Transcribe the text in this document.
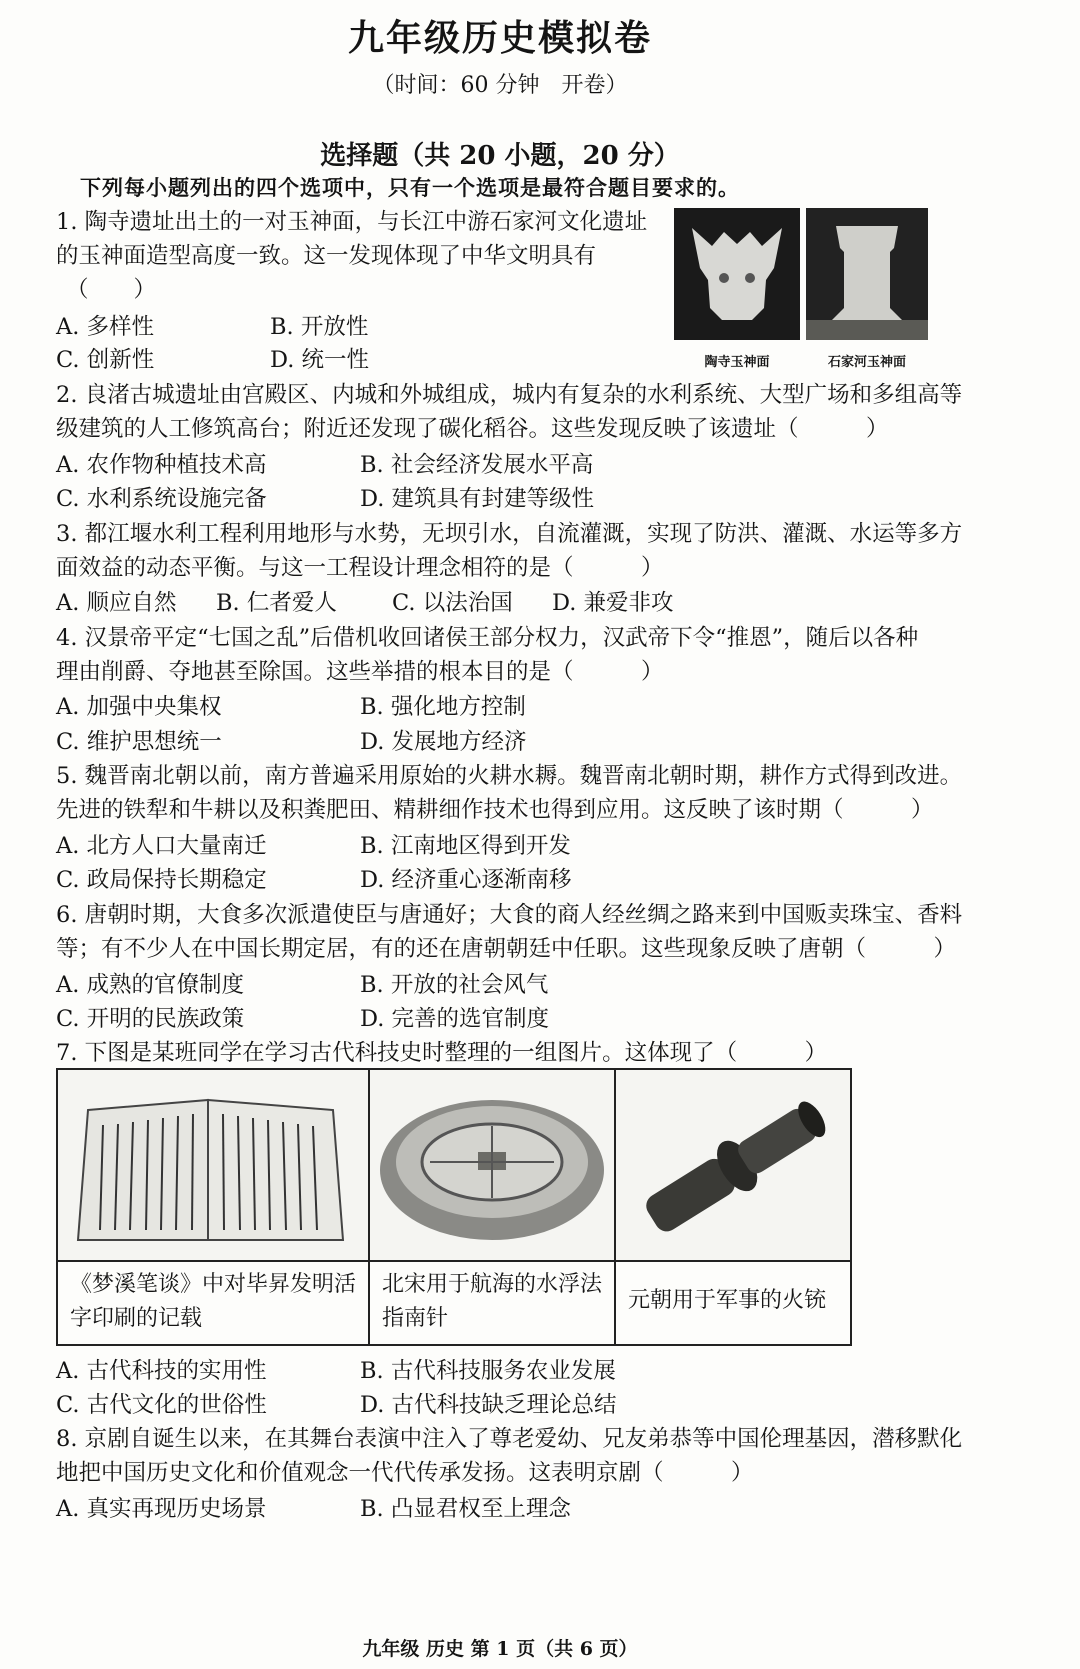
九年级历史模拟卷
（时间：60 分钟　开卷）
选择题（共 20 小题，20 分）
下列每小题列出的四个选项中，只有一个选项是最符合题目要求的。
1. 陶寺遗址出土的一对玉神面，与长江中游石家河文化遗址
的玉神面造型高度一致。这一发现体现了中华文明具有
（　　）
A. 多样性	B. 开放性
C. 创新性	D. 统一性	陶寺玉神面	石家河玉神面
2. 良渚古城遗址由宫殿区、内城和外城组成，城内有复杂的水利系统、大型广场和多组高等
级建筑的人工修筑高台；附近还发现了碳化稻谷。这些发现反映了该遗址（　　　）
A. 农作物种植技术高	B. 社会经济发展水平高
C. 水利系统设施完备	D. 建筑具有封建等级性
3. 都江堰水利工程利用地形与水势，无坝引水，自流灌溉，实现了防洪、灌溉、水运等多方
面效益的动态平衡。与这一工程设计理念相符的是（　　　）
A. 顺应自然 B. 仁者爱人 C. 以法治国 D. 兼爱非攻
4. 汉景帝平定“七国之乱”后借机收回诸侯王部分权力，汉武帝下令“推恩”，随后以各种
理由削爵、夺地甚至除国。这些举措的根本目的是（　　　）
A. 加强中央集权	B. 强化地方控制
C. 维护思想统一	D. 发展地方经济
5. 魏晋南北朝以前，南方普遍采用原始的火耕水耨。魏晋南北朝时期，耕作方式得到改进。
先进的铁犁和牛耕以及积粪肥田、精耕细作技术也得到应用。这反映了该时期（　　　）
A. 北方人口大量南迁	B. 江南地区得到开发
C. 政局保持长期稳定	D. 经济重心逐渐南移
6. 唐朝时期，大食多次派遣使臣与唐通好；大食的商人经丝绸之路来到中国贩卖珠宝、香料
等；有不少人在中国长期定居，有的还在唐朝朝廷中任职。这些现象反映了唐朝（　　　）
A. 成熟的官僚制度	B. 开放的社会风气
C. 开明的民族政策	D. 完善的选官制度
7. 下图是某班同学在学习古代科技史时整理的一组图片。这体现了（　　　）

《梦溪笔谈》中对毕昇发明活字印刷的记载	北宋用于航海的水浮法指南针	元朝用于军事的火铳
A. 古代科技的实用性	B. 古代科技服务农业发展
C. 古代文化的世俗性	D. 古代科技缺乏理论总结
8. 京剧自诞生以来，在其舞台表演中注入了尊老爱幼、兄友弟恭等中国伦理基因，潜移默化
地把中国历史文化和价值观念一代代传承发扬。这表明京剧（　　　）
A. 真实再现历史场景	B. 凸显君权至上理念
九年级 历史 第 1 页（共 6 页）
